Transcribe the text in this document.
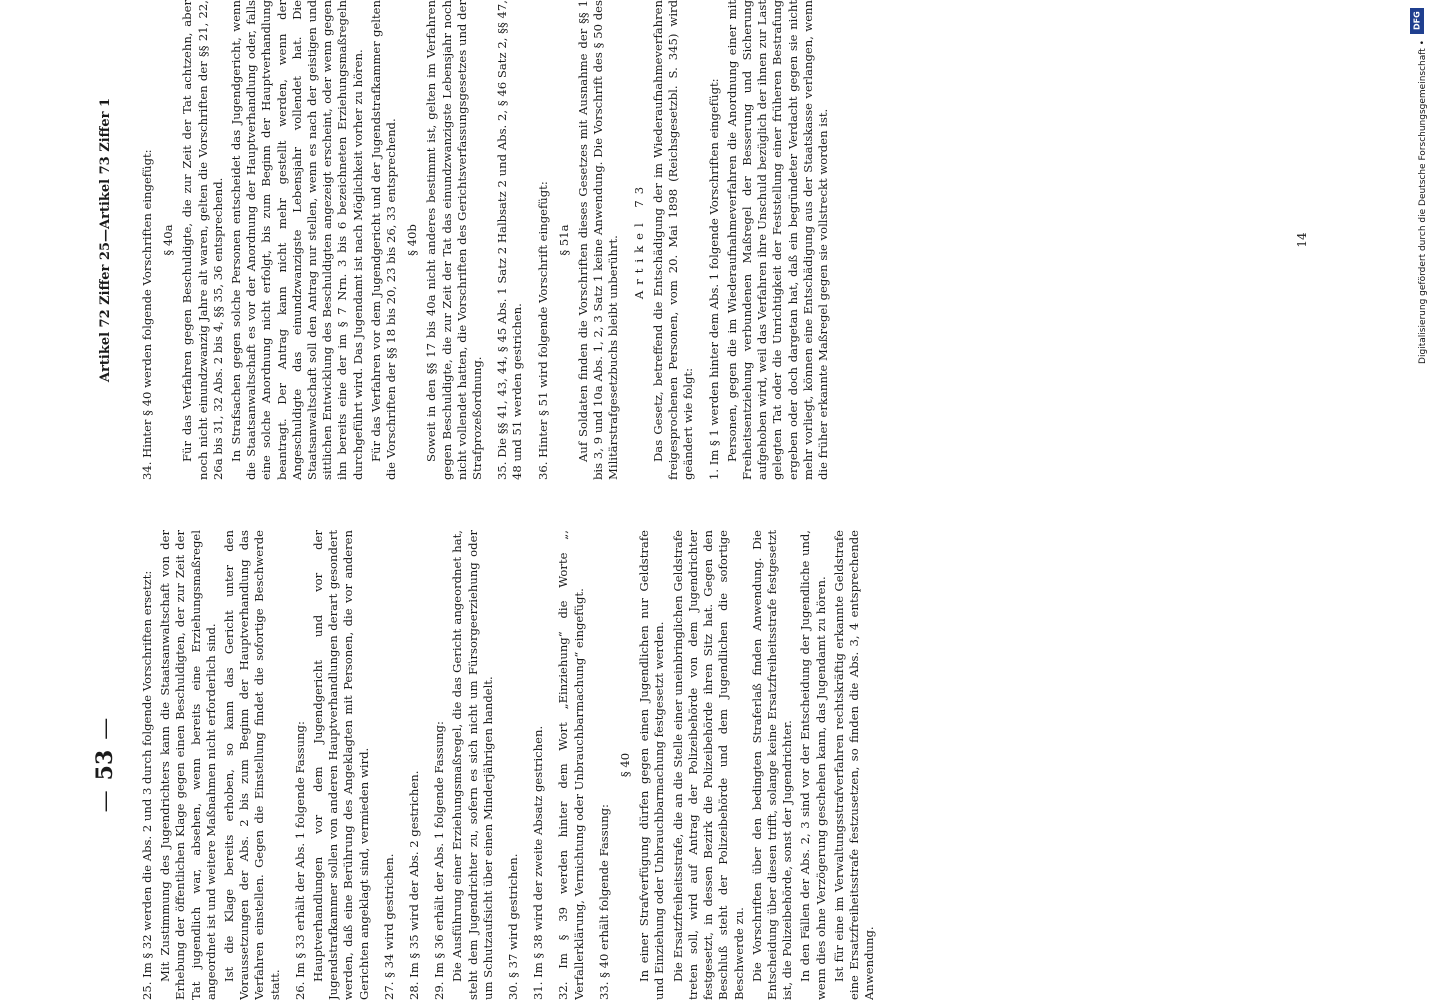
—53—
Artikel 72 Ziffer 25—Artikel 73 Ziffer 1

25. Im § 32 werden die Abs. 2 und 3 durch folgende Vorschriften ersetzt: Mit Zustimmung des Jugendrichters kann die Staatsanwaltschaft von der Erhebung der öffentlichen Klage gegen einen Beschuldigten, der zur Zeit der Tat jugendlich war, absehen, wenn bereits eine Erziehungsmaßregel angeordnet ist und weitere Maßnahmen nicht erforderlich sind. Ist die Klage bereits erhoben, so kann das Gericht unter den Voraussetzungen der Abs. 2 bis zum Beginn der Hauptverhandlung das Verfahren einstellen. Gegen die Einstellung findet die sofortige Beschwerde statt. 26. Im § 33 erhält der Abs. 1 folgende Fassung: Hauptverhandlungen vor dem Jugendgericht und vor der Jugendstrafkammer sollen von anderen Hauptverhandlungen derart gesondert werden, daß eine Berührung des Angeklagten mit Personen, die vor anderen Gerichten angeklagt sind, vermieden wird. 27. § 34 wird gestrichen. 28. Im § 35 wird der Abs. 2 gestrichen. 29. Im § 36 erhält der Abs. 1 folgende Fassung: Die Ausführung einer Erziehungsmaßregel, die das Gericht angeordnet hat, steht dem Jugendrichter zu, sofern es sich nicht um Fürsorgeerziehung oder um Schutzaufsicht über einen Minderjährigen handelt. 30. § 37 wird gestrichen. 31. Im § 38 wird der zweite Absatz gestrichen. 32. Im § 39 werden hinter dem Wort „Einziehung“ die Worte „, Verfallerklärung, Vernichtung oder Unbrauchbarmachung“ eingefügt. 33. § 40 erhält folgende Fassung:

§ 40 In einer Strafverfügung dürfen gegen einen Jugendlichen nur Geldstrafe und Einziehung oder Unbrauchbarmachung festgesetzt werden. Die Ersatzfreiheitsstrafe, die an die Stelle einer uneinbringlichen Geldstrafe treten soll, wird auf Antrag der Polizeibehörde von dem Jugendrichter festgesetzt, in dessen Bezirk die Polizeibehörde ihren Sitz hat. Gegen den Beschluß steht der Polizeibehörde und dem Jugendlichen die sofortige Beschwerde zu. Die Vorschriften über den bedingten Straferlaß finden Anwendung. Die Entscheidung über diesen trifft, solange keine Ersatzfreiheitsstrafe festgesetzt ist, die Polizeibehörde, sonst der Jugendrichter. In den Fällen der Abs. 2, 3 sind vor der Entscheidung der Jugendliche und, wenn dies ohne Verzögerung geschehen kann, das Jugendamt zu hören. Ist für eine im Verwaltungsstrafverfahren rechtskräftig erkannte Geldstrafe eine Ersatzfreiheitsstrafe festzusetzen, so finden die Abs. 3, 4 entsprechende Anwendung.

34. Hinter § 40 werden folgende Vorschriften eingefügt: § 40a Für das Verfahren gegen Beschuldigte, die zur Zeit der Tat achtzehn, aber noch nicht einundzwanzig Jahre alt waren, gelten die Vorschriften der §§ 21, 22, 26a bis 31, 32 Abs. 2 bis 4, §§ 35, 36 entsprechend. In Strafsachen gegen solche Personen entscheidet das Jugendgericht, wenn die Staatsanwaltschaft es vor der Anordnung der Hauptverhandlung oder, falls eine solche Anordnung nicht erfolgt, bis zum Beginn der Hauptverhandlung beantragt. Der Antrag kann nicht mehr gestellt werden, wenn der Angeschuldigte das einundzwanzigste Lebensjahr vollendet hat. Die Staatsanwaltschaft soll den Antrag nur stellen, wenn es nach der geistigen und sittlichen Entwicklung des Beschuldigten angezeigt erscheint, oder wenn gegen ihn bereits eine der im § 7 Nrn. 3 bis 6 bezeichneten Erziehungsmaßregeln durchgeführt wird. Das Jugendamt ist nach Möglichkeit vorher zu hören. Für das Verfahren vor dem Jugendgericht und der Jugendstrafkammer gelten die Vorschriften der §§ 18 bis 20, 23 bis 26, 33 entsprechend. § 40b Soweit in den §§ 17 bis 40a nicht anderes bestimmt ist, gelten im Verfahren gegen Beschuldigte, die zur Zeit der Tat das einundzwanzigste Lebensjahr noch nicht vollendet hatten, die Vorschriften des Gerichtsverfassungsgesetzes und der Strafprozeßordnung. 35. Die §§ 41, 43, 44, § 45 Abs. 1 Satz 2 Halbsatz 2 und Abs. 2, § 46 Satz 2, §§ 47, 48 und 51 werden gestrichen. 36. Hinter § 51 wird folgende Vorschrift eingefügt: § 51a Auf Soldaten finden die Vorschriften dieses Gesetzes mit Ausnahme der §§ 1 bis 3, 9 und 10a Abs. 1, 2, 3 Satz 1 keine Anwendung. Die Vorschrift des § 50 des Militärstrafgesetzbuchs bleibt unberührt. Artikel 73 Das Gesetz, betreffend die Entschädigung der im Wiederaufnahmeverfahren freigesprochenen Personen, vom 20. Mai 1898 (Reichsgesetzbl. S. 345) wird geändert wie folgt: 1. Im § 1 werden hinter dem Abs. 1 folgende Vorschriften eingefügt: Personen, gegen die im Wiederaufnahmeverfahren die Anordnung einer mit Freiheitsentziehung verbundenen Maßregel der Besserung und Sicherung aufgehoben wird, weil das Verfahren ihre Unschuld bezüglich der ihnen zur Last gelegten Tat oder die Unrichtigkeit der Feststellung einer früheren Bestrafung ergeben oder doch dargetan hat, daß ein begründeter Verdacht gegen sie nicht mehr vorliegt, können eine Entschädigung aus der Staatskasse verlangen, wenn die früher erkannte Maßregel gegen sie vollstreckt worden ist.	14
DFG
Digitalisierung gefördert durch die Deutsche Forschungsgemeinschaft •
